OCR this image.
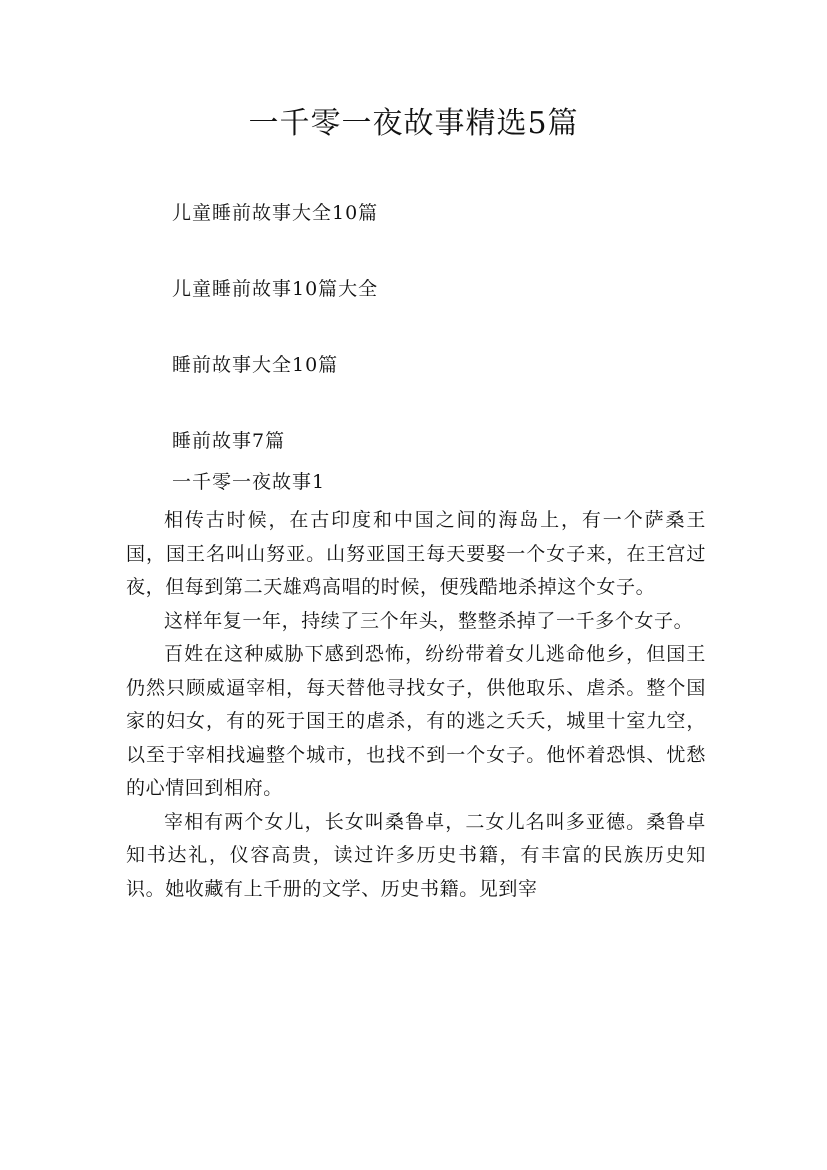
一千零一夜故事精选5篇
儿童睡前故事大全10篇
儿童睡前故事10篇大全
睡前故事大全10篇
睡前故事7篇
一千零一夜故事1

相传古时候，在古印度和中国之间的海岛上，有一个萨桑王国，国王名叫山努亚。山努亚国王每天要娶一个女子来，在王宫过夜，但每到第二天雄鸡高唱的时候，便残酷地杀掉这个女子。

这样年复一年，持续了三个年头，整整杀掉了一千多个女子。

百姓在这种威胁下感到恐怖，纷纷带着女儿逃命他乡，但国王仍然只顾威逼宰相，每天替他寻找女子，供他取乐、虐杀。整个国家的妇女，有的死于国王的虐杀，有的逃之夭夭，城里十室九空，以至于宰相找遍整个城市，也找不到一个女子。他怀着恐惧、忧愁的心情回到相府。

宰相有两个女儿，长女叫桑鲁卓，二女儿名叫多亚德。桑鲁卓知书达礼，仪容高贵，读过许多历史书籍，有丰富的民族历史知识。她收藏有上千册的文学、历史书籍。见到宰
